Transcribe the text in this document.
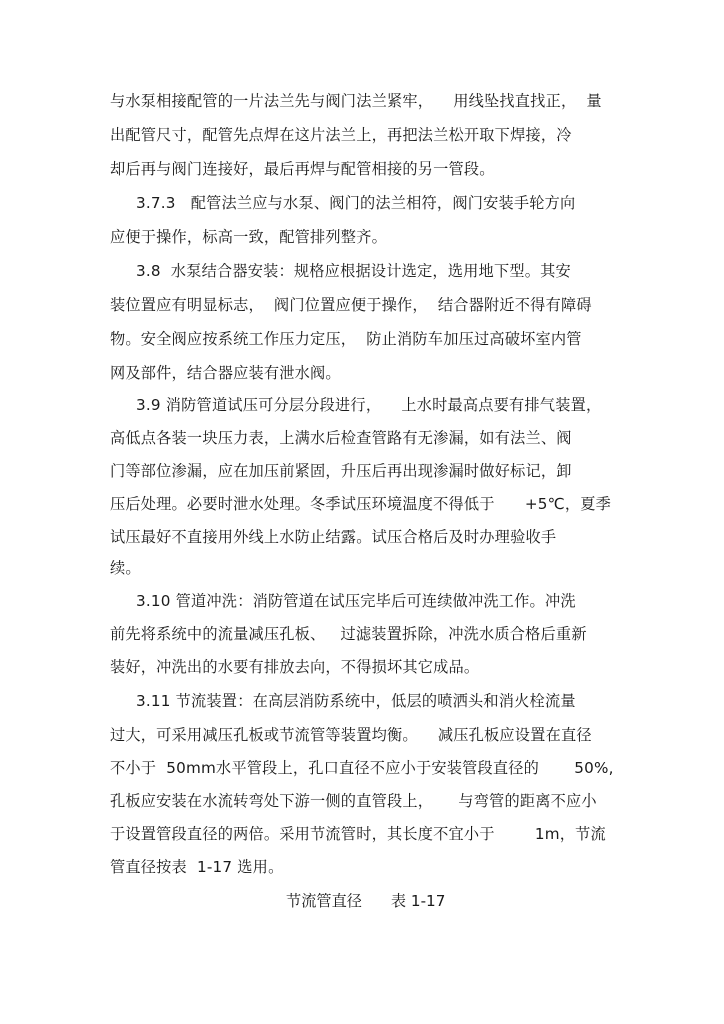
与水泵相接配管的一片法兰先与阀门法兰紧牢，    用线坠找直找正，  量
出配管尺寸，配管先点焊在这片法兰上，再把法兰松开取下焊接，冷
却后再与阀门连接好，最后再焊与配管相接的另一管段。
3.7.3   配管法兰应与水泵、阀门的法兰相符，阀门安装手轮方向
应便于操作，标高一致，配管排列整齐。
3.8  水泵结合器安装：规格应根据设计选定，选用地下型。其安
装位置应有明显标志，  阀门位置应便于操作，  结合器附近不得有障碍
物。安全阀应按系统工作压力定压，  防止消防车加压过高破坏室内管
网及部件，结合器应装有泄水阀。
3.9 消防管道试压可分层分段进行，    上水时最高点要有排气装置，
高低点各装一块压力表，上满水后检查管路有无渗漏，如有法兰、阀
门等部位渗漏，应在加压前紧固，升压后再出现渗漏时做好标记，卸
压后处理。必要时泄水处理。冬季试压环境温度不得低于      +5℃，夏季
试压最好不直接用外线上水防止结露。试压合格后及时办理验收手
续。
3.10 管道冲洗：消防管道在试压完毕后可连续做冲洗工作。冲洗
前先将系统中的流量减压孔板、   过滤装置拆除，冲洗水质合格后重新
装好，冲洗出的水要有排放去向，不得损坏其它成品。
3.11 节流装置：在高层消防系统中，低层的喷洒头和消火栓流量
过大，可采用减压孔板或节流管等装置均衡。    减压孔板应设置在直径
不小于  50mm水平管段上，孔口直径不应小于安装管段直径的       50%,
孔板应安装在水流转弯处下游一侧的直管段上，     与弯管的距离不应小
于设置管段直径的两倍。采用节流管时，其长度不宜小于        1m，节流
管直径按表  1-17 选用。
节流管直径      表 1-17
